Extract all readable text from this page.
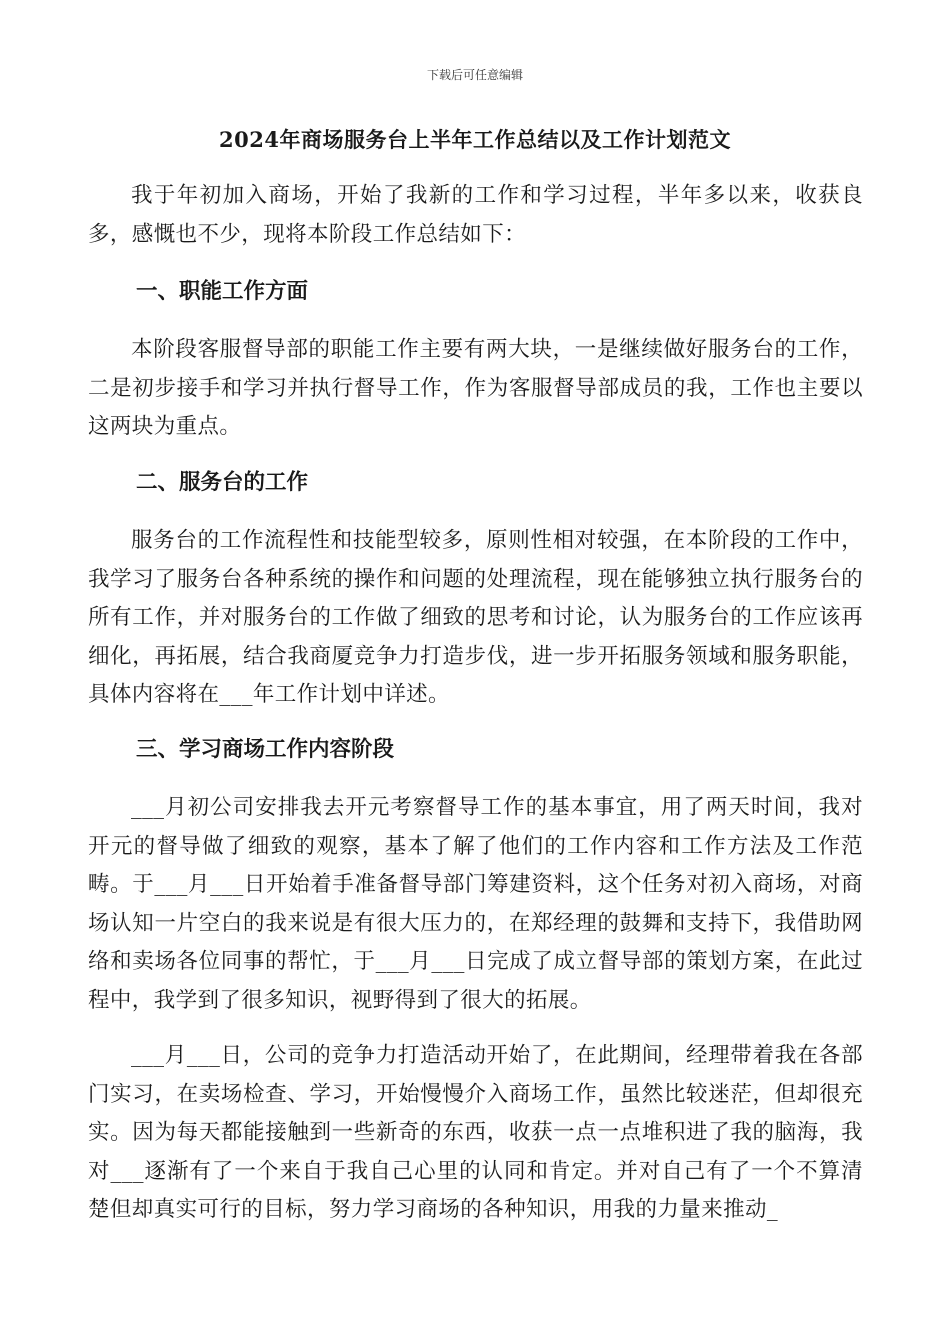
下载后可任意编辑
2024年商场服务台上半年工作总结以及工作计划范文
我于年初加入商场，开始了我新的工作和学习过程，半年多以来，收获良多，感慨也不少，现将本阶段工作总结如下：
一、职能工作方面
本阶段客服督导部的职能工作主要有两大块，一是继续做好服务台的工作，二是初步接手和学习并执行督导工作，作为客服督导部成员的我，工作也主要以这两块为重点。
二、服务台的工作
服务台的工作流程性和技能型较多，原则性相对较强，在本阶段的工作中，我学习了服务台各种系统的操作和问题的处理流程，现在能够独立执行服务台的所有工作，并对服务台的工作做了细致的思考和讨论，认为服务台的工作应该再细化，再拓展，结合我商厦竞争力打造步伐，进一步开拓服务领域和服务职能，具体内容将在___年工作计划中详述。
三、学习商场工作内容阶段
___月初公司安排我去开元考察督导工作的基本事宜，用了两天时间，我对开元的督导做了细致的观察，基本了解了他们的工作内容和工作方法及工作范畴。于___月___日开始着手准备督导部门筹建资料，这个任务对初入商场，对商场认知一片空白的我来说是有很大压力的，在郑经理的鼓舞和支持下，我借助网络和卖场各位同事的帮忙，于___月___日完成了成立督导部的策划方案，在此过程中，我学到了很多知识，视野得到了很大的拓展。
___月___日，公司的竞争力打造活动开始了，在此期间，经理带着我在各部门实习，在卖场检查、学习，开始慢慢介入商场工作，虽然比较迷茫，但却很充实。因为每天都能接触到一些新奇的东西，收获一点一点堆积进了我的脑海，我对___逐渐有了一个来自于我自己心里的认同和肯定。并对自己有了一个不算清楚但却真实可行的目标，努力学习商场的各种知识，用我的力量来推动_
